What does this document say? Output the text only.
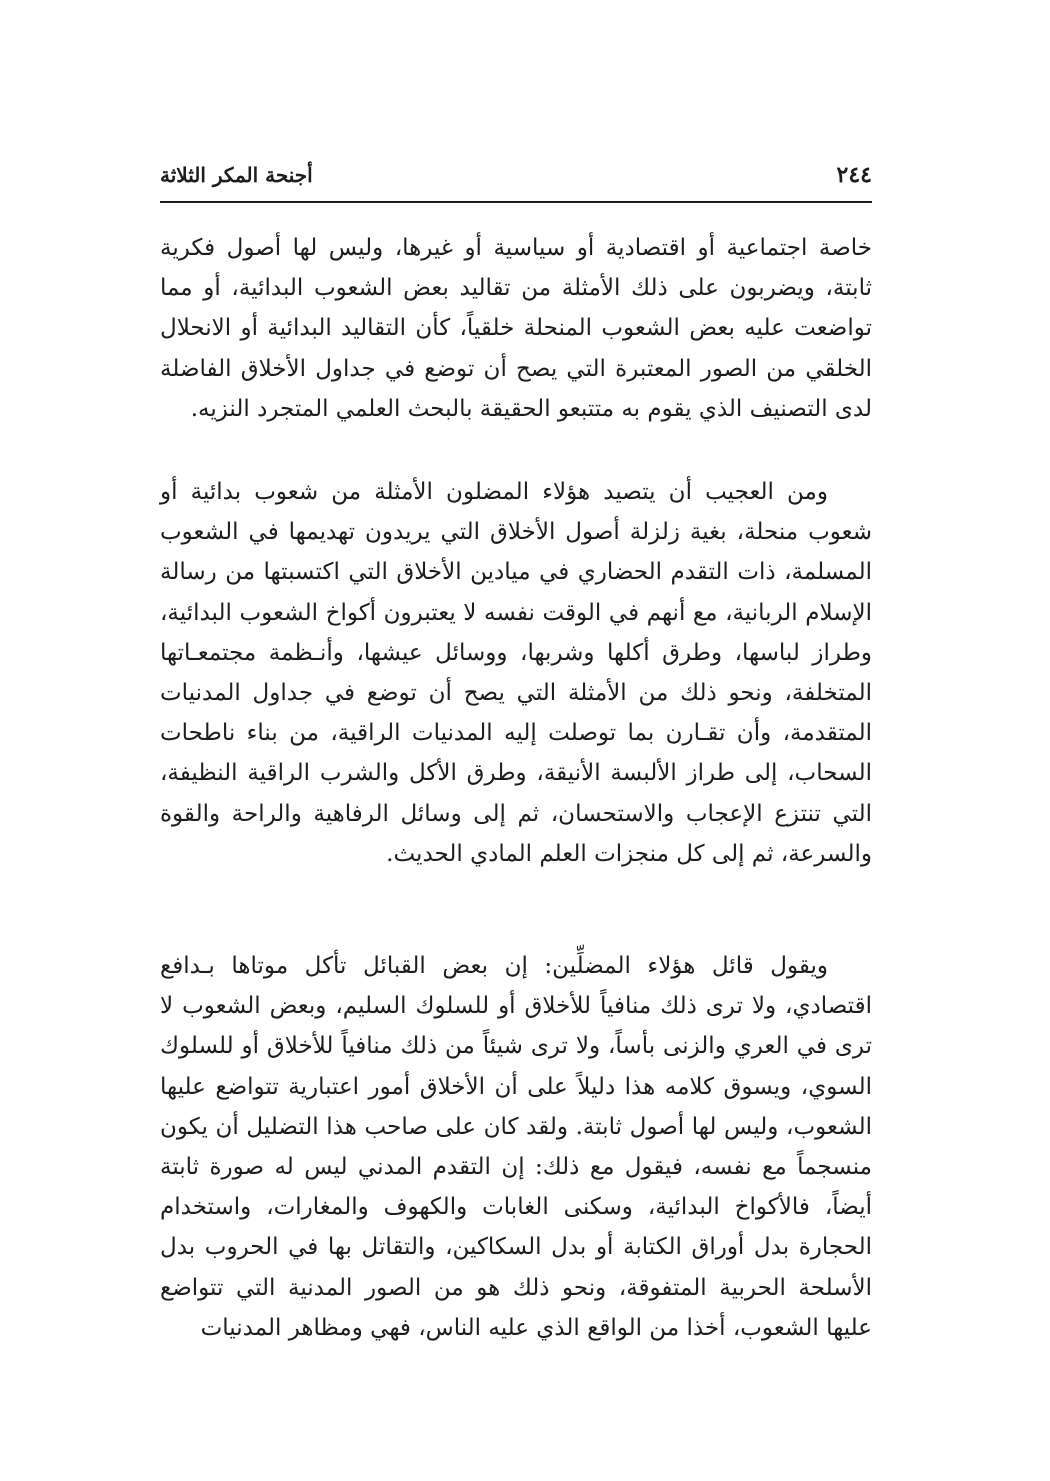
٢٤٤
أجنحة المكر الثلاثة

خاصة اجتماعية أو اقتصادية أو سياسية أو غيرها، وليس لها أصول فكرية ثابتة، ويضربون على ذلك الأمثلة من تقاليد بعض الشعوب البدائية، أو مما تواضعت عليه بعض الشعوب المنحلة خلقياً، كأن التقاليد البدائية أو الانحلال الخلقي من الصور المعتبرة التي يصح أن توضع في جداول الأخلاق الفاضلة لدى التصنيف الذي يقوم به متتبعو الحقيقة بالبحث العلمي المتجرد النزيه.

ومن العجيب أن يتصيد هؤلاء المضلون الأمثلة من شعوب بدائية أو شعوب منحلة، بغية زلزلة أصول الأخلاق التي يريدون تهديمها في الشعوب المسلمة، ذات التقدم الحضاري في ميادين الأخلاق التي اكتسبتها من رسالة الإسلام الربانية، مع أنهم في الوقت نفسه لا يعتبرون أكواخ الشعوب البدائية، وطراز لباسها، وطرق أكلها وشربها، ووسائل عيشها، وأنـظمة مجتمعـاتها المتخلفة، ونحو ذلك من الأمثلة التي يصح أن توضع في جداول المدنيات المتقدمة، وأن تقـارن بما توصلت إليه المدنيات الراقية، من بناء ناطحات السحاب، إلى طراز الألبسة الأنيقة، وطرق الأكل والشرب الراقية النظيفة، التي تنتزع الإعجاب والاستحسان، ثم إلى وسائل الرفاهية والراحة والقوة والسرعة، ثم إلى كل منجزات العلم المادي الحديث.

ويقول قائل هؤلاء المضلِّين: إن بعض القبائل تأكل موتاها بـدافع اقتصادي، ولا ترى ذلك منافياً للأخلاق أو للسلوك السليم، وبعض الشعوب لا ترى في العري والزنى بأساً، ولا ترى شيئاً من ذلك منافياً للأخلاق أو للسلوك السوي، ويسوق كلامه هذا دليلاً على أن الأخلاق أمور اعتبارية تتواضع عليها الشعوب، وليس لها أصول ثابتة. ولقد كان على صاحب هذا التضليل أن يكون منسجماً مع نفسه، فيقول مع ذلك: إن التقدم المدني ليس له صورة ثابتة أيضاً، فالأكواخ البدائية، وسكنى الغابات والكهوف والمغارات، واستخدام الحجارة بدل أوراق الكتابة أو بدل السكاكين، والتقاتل بها في الحروب بدل الأسلحة الحربية المتفوقة، ونحو ذلك هو من الصور المدنية التي تتواضع عليها الشعوب، أخذا من الواقع الذي عليه الناس، فهي ومظاهر المدنيات
